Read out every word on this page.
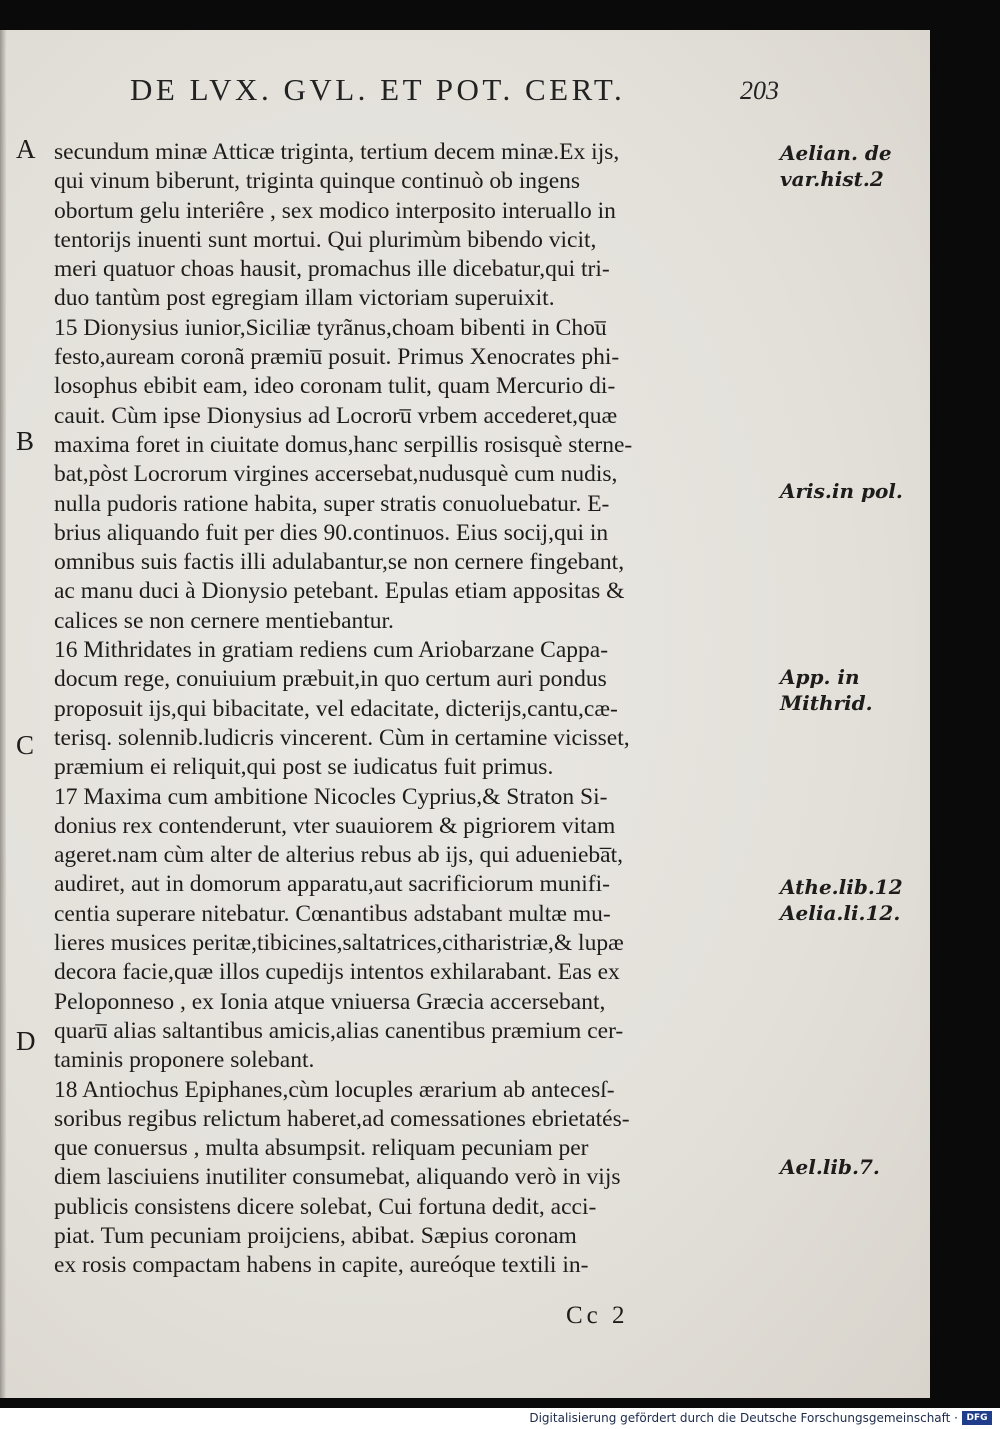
DE LVX. GVL. ET POT. CERT.	203
A
B
C
D
secundum minæ Atticæ triginta, tertium decem minæ.Ex ijs,
qui vinum biberunt, triginta quinque continuò ob ingens
obortum gelu interiêre , sex modico interposito interuallo in
tentorijs inuenti sunt mortui. Qui plurimùm bibendo vicit,
meri quatuor choas hausit, promachus ille dicebatur,qui tri-
duo tantùm post egregiam illam victoriam superuixit.
15 Dionysius iunior,Siciliæ tyrãnus,choam bibenti in Chou̅
festo,auream coronã præmiu̅ posuit. Primus Xenocrates phi-
losophus ebibit eam, ideo coronam tulit, quam Mercurio di-
cauit. Cùm ipse Dionysius ad Locroru̅ vrbem accederet,quæ
maxima foret in ciuitate domus,hanc serpillis rosisquè sterne-
bat,pòst Locrorum virgines accersebat,nudusquè cum nudis,
nulla pudoris ratione habita, super stratis conuoluebatur. E-
brius aliquando fuit per dies 90.continuos. Eius socij,qui in
omnibus suis factis illi adulabantur,se non cernere fingebant,
ac manu duci à Dionysio petebant. Epulas etiam appositas &
calices se non cernere mentiebantur.
16 Mithridates in gratiam rediens cum Ariobarzane Cappa-
docum rege, conuiuium præbuit,in quo certum auri pondus
proposuit ijs,qui bibacitate, vel edacitate, dicterijs,cantu,cæ-
terisq. solennib.ludicris vincerent. Cùm in certamine vicisset,
præmium ei reliquit,qui post se iudicatus fuit primus.
17 Maxima cum ambitione Nicocles Cyprius,& Straton Si-
donius rex contenderunt, vter suauiorem & pigriorem vitam
ageret.nam cùm alter de alterius rebus ab ijs, qui aduenieba̅t,
audiret, aut in domorum apparatu,aut sacrificiorum munifi-
centia superare nitebatur. Cœnantibus adstabant multæ mu-
lieres musices peritæ,tibicines,saltatrices,citharistriæ,& lupæ
decora facie,quæ illos cupedijs intentos exhilarabant. Eas ex
Peloponneso , ex Ionia atque vniuersa Græcia accersebant,
quaru̅ alias saltantibus amicis,alias canentibus præmium cer-
taminis proponere solebant.
18 Antiochus Epiphanes,cùm locuples ærarium ab antecesſ-
soribus regibus relictum haberet,ad comessationes ebrietatés-
que conuersus , multa absumpsit. reliquam pecuniam per
diem lasciuiens inutiliter consumebat, aliquando verò in vijs
publicis consistens dicere solebat, Cui fortuna dedit, acci-
piat. Tum pecuniam proijciens, abibat. Sæpius coronam
ex rosis compactam habens in capite, aureóque textili in-
Aelian. de
var.hist.2
Aris.in pol.
App. in
Mithrid.
Athe.lib.12
Aelia.li.12.
Ael.lib.7.
Cc 2
Digitalisierung gefördert durch die Deutsche Forschungsgemeinschaft · DFG
